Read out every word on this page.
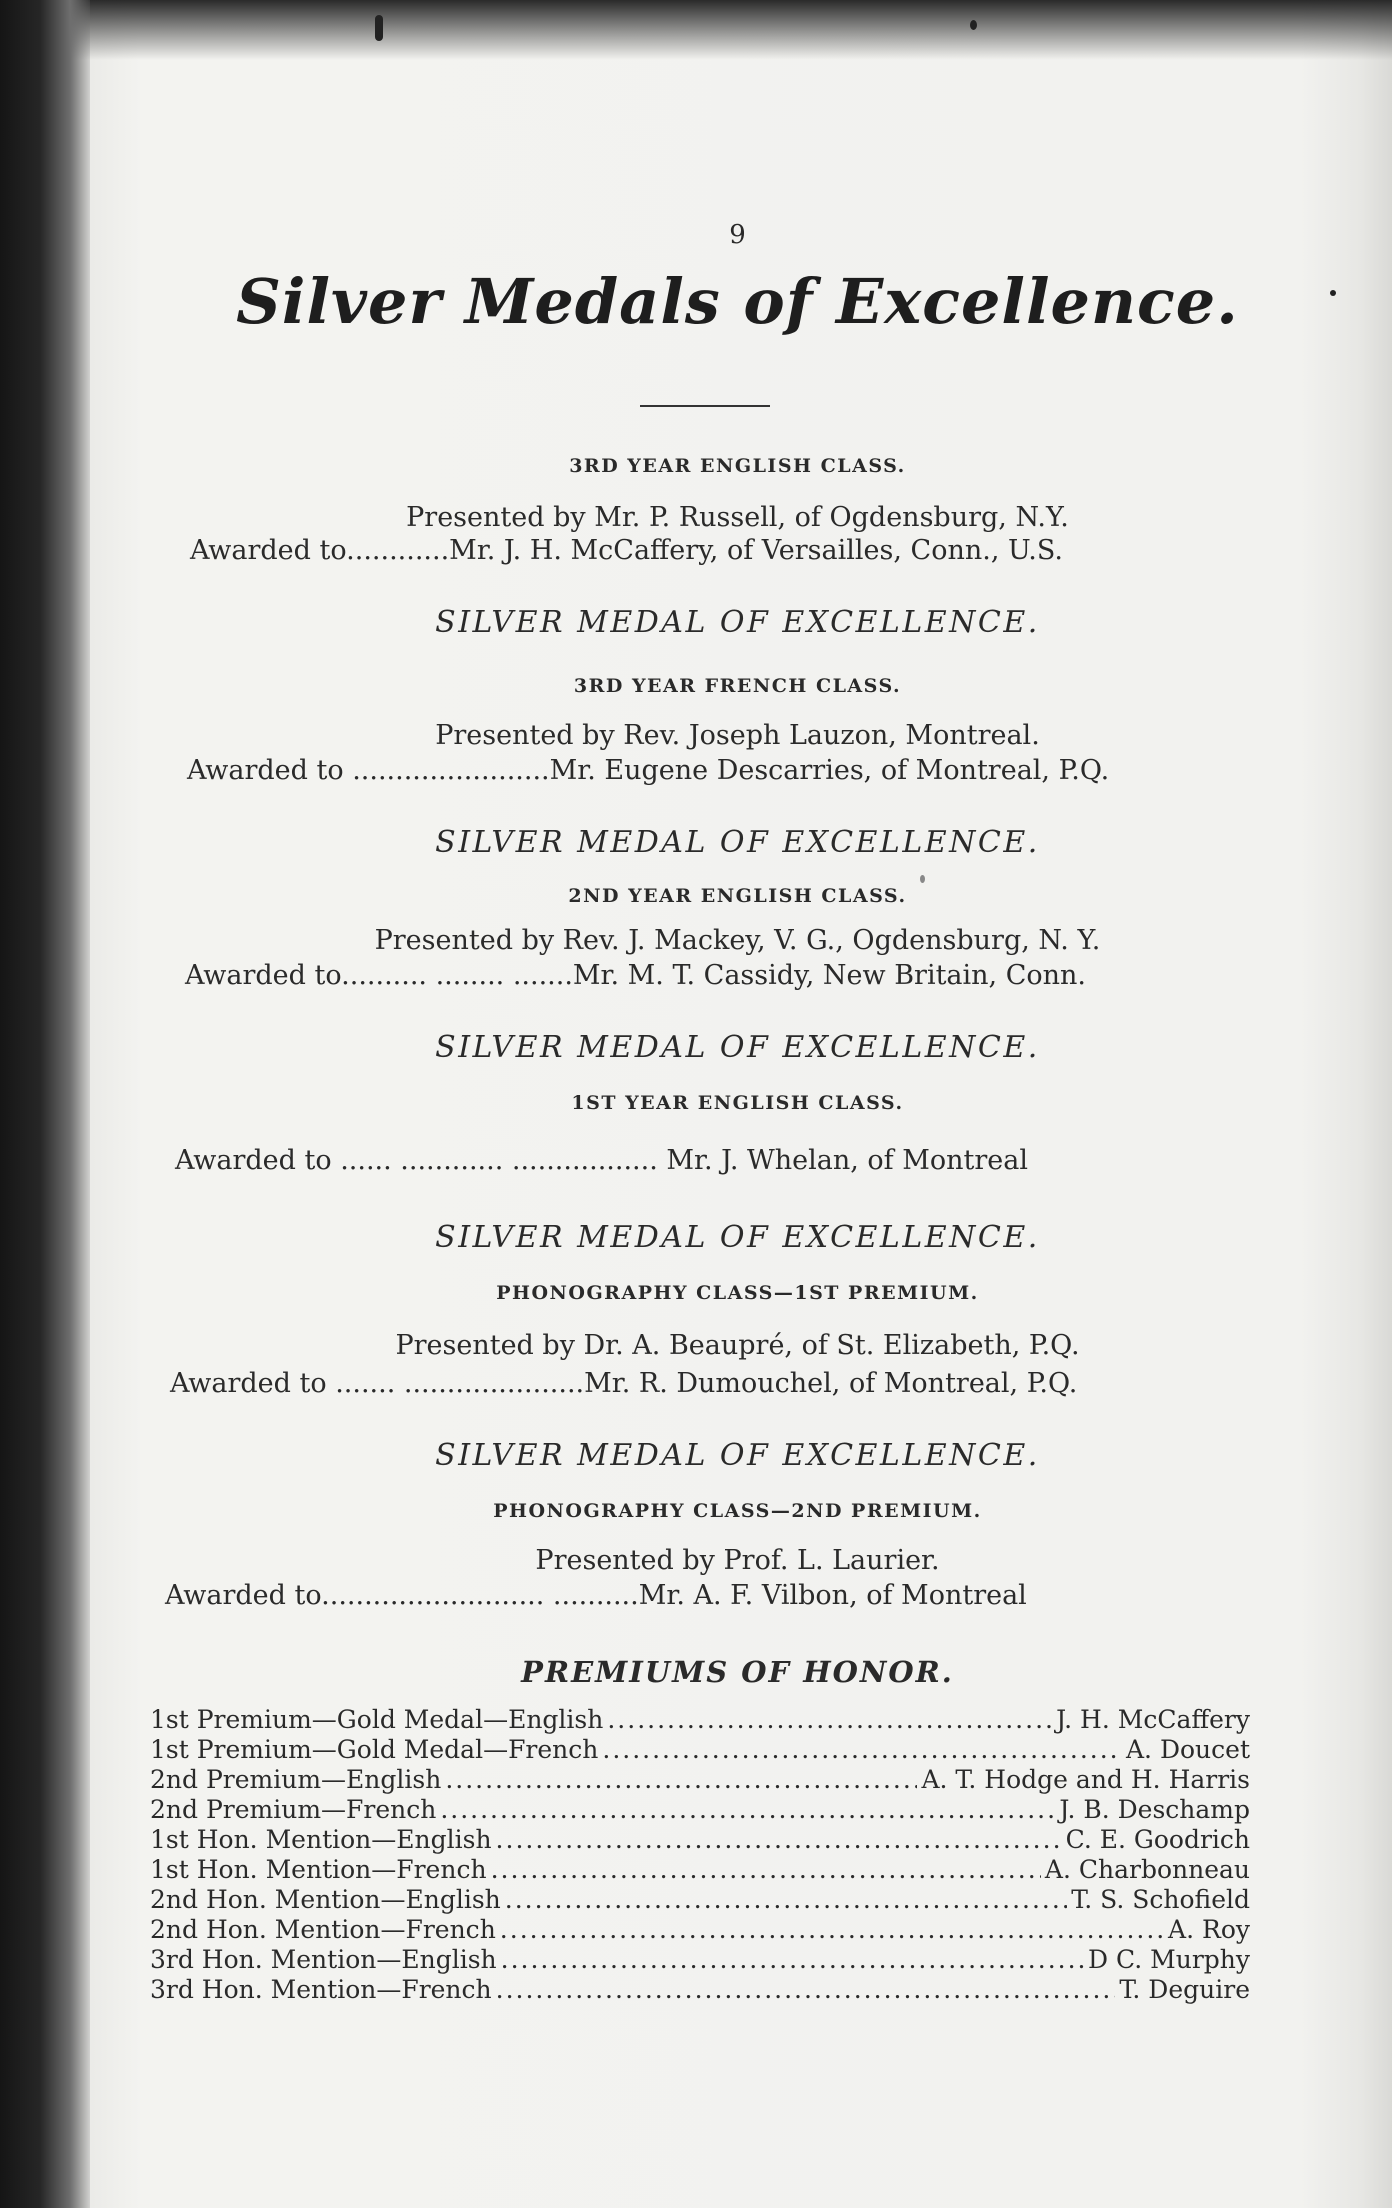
9
Silver Medals of Excellence.
3RD YEAR ENGLISH CLASS.
Presented by Mr. P. Russell, of Ogdensburg, N.Y.
Awarded to............Mr. J. H. McCaffery, of Versailles, Conn., U.S.
SILVER MEDAL OF EXCELLENCE.
3RD YEAR FRENCH CLASS.
Presented by Rev. Joseph Lauzon, Montreal.
Awarded to .......................Mr. Eugene Descarries, of Montreal, P.Q.
SILVER MEDAL OF EXCELLENCE.
2ND YEAR ENGLISH CLASS.
Presented by Rev. J. Mackey, V. G., Ogdensburg, N. Y.
Awarded to.......... ........ .......Mr. M. T. Cassidy, New Britain, Conn.
SILVER MEDAL OF EXCELLENCE.
1ST YEAR ENGLISH CLASS.
Awarded to ...... ............ ................. Mr. J. Whelan, of Montreal
SILVER MEDAL OF EXCELLENCE.
PHONOGRAPHY CLASS—1ST PREMIUM.
Presented by Dr. A. Beaupré, of St. Elizabeth, P.Q.
Awarded to ....... .....................Mr. R. Dumouchel, of Montreal, P.Q.
SILVER MEDAL OF EXCELLENCE.
PHONOGRAPHY CLASS—2ND PREMIUM.
Presented by Prof. L. Laurier.
Awarded to.......................... ..........Mr. A. F. Vilbon, of Montreal
PREMIUMS OF HONOR.
1st Premium—Gold Medal—English .....	J. H. McCaffery
1st Premium—Gold Medal—French .....	A. Doucet
2nd Premium—English .....	A. T. Hodge and H. Harris
2nd Premium—French .....	J. B. Deschamp
1st Hon. Mention—English .....	C. E. Goodrich
1st Hon. Mention—French .....	A. Charbonneau
2nd Hon. Mention—English .....	T. S. Schofield
2nd Hon. Mention—French .....	A. Roy
3rd Hon. Mention—English .....	D C. Murphy
3rd Hon. Mention—French .....	T. Deguire
